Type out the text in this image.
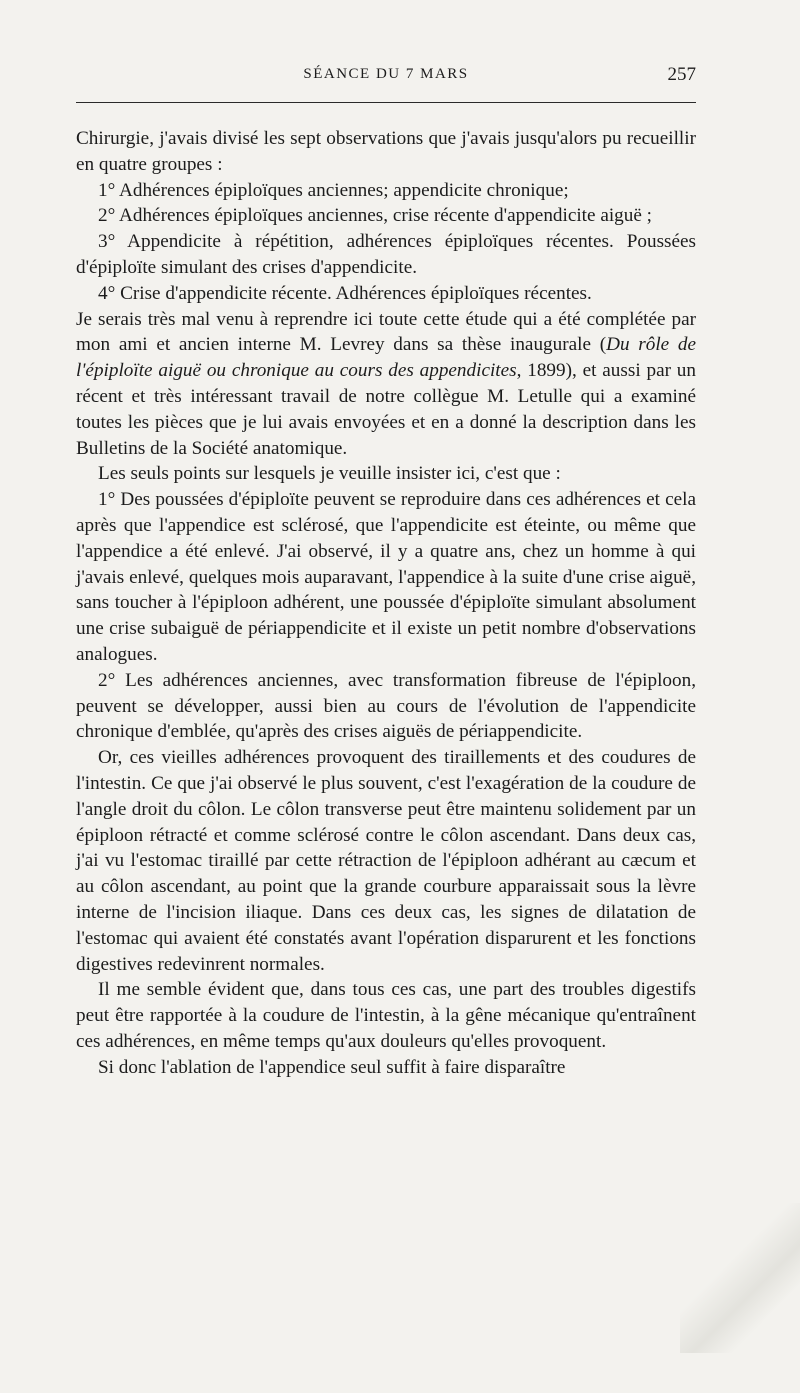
SÉANCE DU 7 MARS	257

Chirurgie, j'avais divisé les sept observations que j'avais jusqu'alors pu recueillir en quatre groupes :

1° Adhérences épiploïques anciennes; appendicite chronique;

2° Adhérences épiploïques anciennes, crise récente d'appendicite aiguë ;

3° Appendicite à répétition, adhérences épiploïques récentes. Poussées d'épiploïte simulant des crises d'appendicite.

4° Crise d'appendicite récente. Adhérences épiploïques récentes.

Je serais très mal venu à reprendre ici toute cette étude qui a été complétée par mon ami et ancien interne M. Levrey dans sa thèse inaugurale (Du rôle de l'épiploïte aiguë ou chronique au cours des appendicites, 1899), et aussi par un récent et très intéressant travail de notre collègue M. Letulle qui a examiné toutes les pièces que je lui avais envoyées et en a donné la description dans les Bulletins de la Société anatomique.

Les seuls points sur lesquels je veuille insister ici, c'est que :

1° Des poussées d'épiploïte peuvent se reproduire dans ces adhérences et cela après que l'appendice est sclérosé, que l'appendicite est éteinte, ou même que l'appendice a été enlevé. J'ai observé, il y a quatre ans, chez un homme à qui j'avais enlevé, quelques mois auparavant, l'appendice à la suite d'une crise aiguë, sans toucher à l'épiploon adhérent, une poussée d'épiploïte simulant absolument une crise subaiguë de périappendicite et il existe un petit nombre d'observations analogues.

2° Les adhérences anciennes, avec transformation fibreuse de l'épiploon, peuvent se développer, aussi bien au cours de l'évolution de l'appendicite chronique d'emblée, qu'après des crises aiguës de périappendicite.

Or, ces vieilles adhérences provoquent des tiraillements et des coudures de l'intestin. Ce que j'ai observé le plus souvent, c'est l'exagération de la coudure de l'angle droit du côlon. Le côlon transverse peut être maintenu solidement par un épiploon rétracté et comme sclérosé contre le côlon ascendant. Dans deux cas, j'ai vu l'estomac tiraillé par cette rétraction de l'épiploon adhérant au cæcum et au côlon ascendant, au point que la grande courbure apparaissait sous la lèvre interne de l'incision iliaque. Dans ces deux cas, les signes de dilatation de l'estomac qui avaient été constatés avant l'opération disparurent et les fonctions digestives redevinrent normales.

Il me semble évident que, dans tous ces cas, une part des troubles digestifs peut être rapportée à la coudure de l'intestin, à la gêne mécanique qu'entraînent ces adhérences, en même temps qu'aux douleurs qu'elles provoquent.

Si donc l'ablation de l'appendice seul suffit à faire disparaître
